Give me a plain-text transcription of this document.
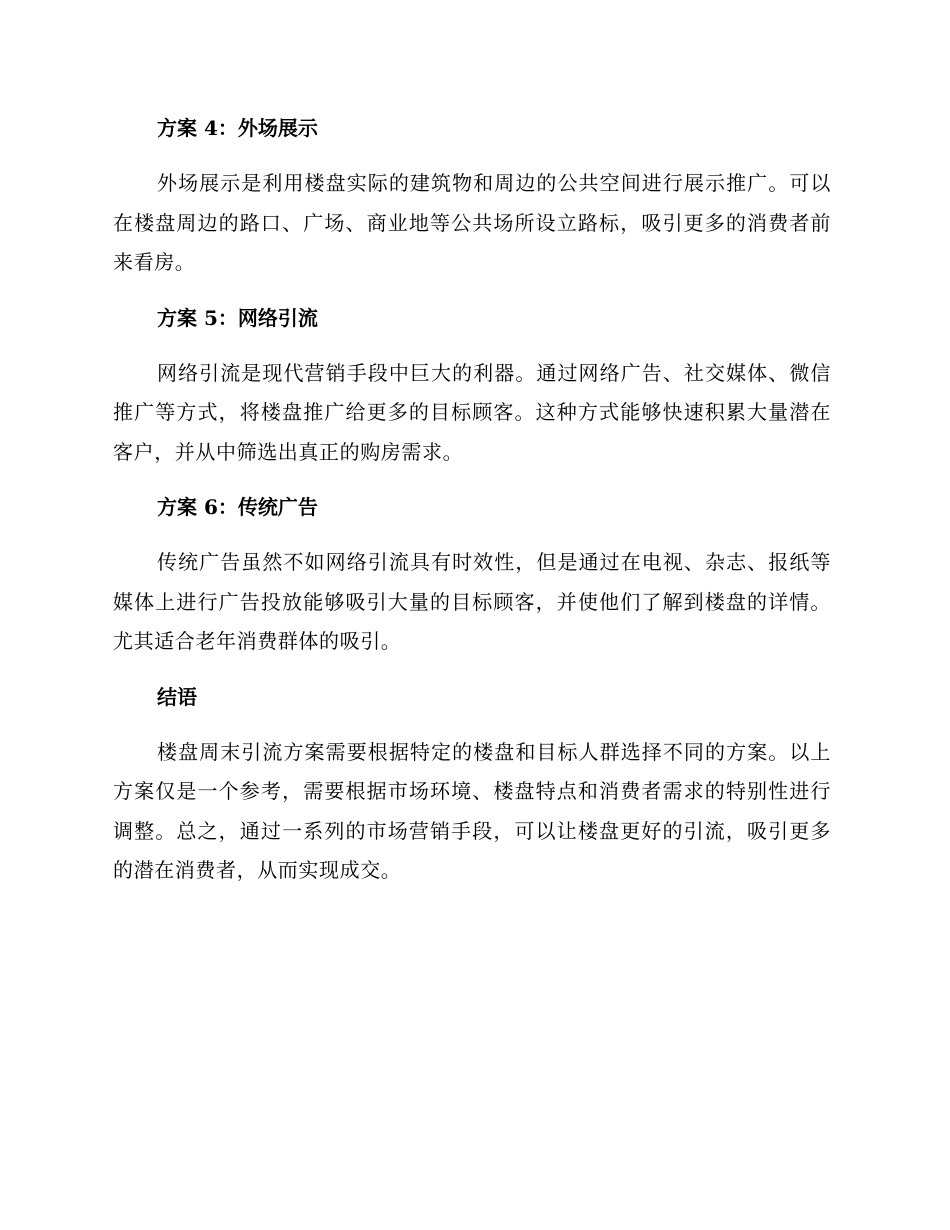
方案 4：外场展示

外场展示是利用楼盘实际的建筑物和周边的公共空间进行展示推广。可以在楼盘周边的路口、广场、商业地等公共场所设立路标，吸引更多的消费者前来看房。

方案 5：网络引流

网络引流是现代营销手段中巨大的利器。通过网络广告、社交媒体、微信推广等方式，将楼盘推广给更多的目标顾客。这种方式能够快速积累大量潜在客户，并从中筛选出真正的购房需求。

方案 6：传统广告

传统广告虽然不如网络引流具有时效性，但是通过在电视、杂志、报纸等媒体上进行广告投放能够吸引大量的目标顾客，并使他们了解到楼盘的详情。尤其适合老年消费群体的吸引。

结语

楼盘周末引流方案需要根据特定的楼盘和目标人群选择不同的方案。以上方案仅是一个参考，需要根据市场环境、楼盘特点和消费者需求的特别性进行调整。总之，通过一系列的市场营销手段，可以让楼盘更好的引流，吸引更多的潜在消费者，从而实现成交。
